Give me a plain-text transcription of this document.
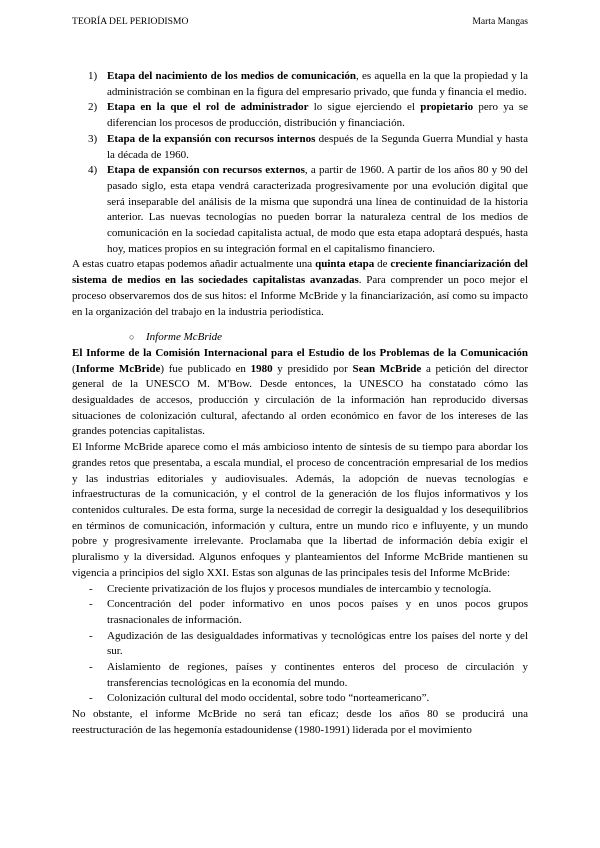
TEORÍA DEL PERIODISMO	Marta Mangas
1) Etapa del nacimiento de los medios de comunicación, es aquella en la que la propiedad y la administración se combinan en la figura del empresario privado, que funda y financia el medio.
2) Etapa en la que el rol de administrador lo sigue ejerciendo el propietario pero ya se diferencian los procesos de producción, distribución y financiación.
3) Etapa de la expansión con recursos internos después de la Segunda Guerra Mundial y hasta la década de 1960.
4) Etapa de expansión con recursos externos, a partir de 1960. A partir de los años 80 y 90 del pasado siglo, esta etapa vendrá caracterizada progresivamente por una evolución digital que será inseparable del análisis de la misma que supondrá una línea de continuidad de la historia anterior. Las nuevas tecnologías no pueden borrar la naturaleza central de los medios de comunicación en la sociedad capitalista actual, de modo que esta etapa adoptará después, hasta hoy, matices propios en su integración formal en el capitalismo financiero.

A estas cuatro etapas podemos añadir actualmente una quinta etapa de creciente financiarización del sistema de medios en las sociedades capitalistas avanzadas. Para comprender un poco mejor el proceso observaremos dos de sus hitos: el Informe McBride y la financiarización, así como su impacto en la organización del trabajo en la industria periodística.

○ Informe McBride

El Informe de la Comisión Internacional para el Estudio de los Problemas de la Comunicación (Informe McBride) fue publicado en 1980 y presidido por Sean McBride a petición del director general de la UNESCO M. M'Bow. Desde entonces, la UNESCO ha constatado cómo las desigualdades de accesos, producción y circulación de la información han reproducido diversas situaciones de colonización cultural, afectando al orden económico en favor de los intereses de las grandes potencias capitalistas.

El Informe McBride aparece como el más ambicioso intento de síntesis de su tiempo para abordar los grandes retos que presentaba, a escala mundial, el proceso de concentración empresarial de los medios y las industrias editoriales y audiovisuales. Además, la adopción de nuevas tecnologías e infraestructuras de la comunicación, y el control de la generación de los flujos informativos y los contenidos culturales. De esta forma, surge la necesidad de corregir la desigualdad y los desequilibrios en términos de comunicación, información y cultura, entre un mundo rico e influyente, y un mundo pobre y progresivamente irrelevante. Proclamaba que la libertad de información debía exigir el pluralismo y la diversidad. Algunos enfoques y planteamientos del Informe McBride mantienen su vigencia a principios del siglo XXI. Estas son algunas de las principales tesis del Informe McBride:

- Creciente privatización de los flujos y procesos mundiales de intercambio y tecnología.
- Concentración del poder informativo en unos pocos países y en unos pocos grupos trasnacionales de información.
- Agudización de las desigualdades informativas y tecnológicas entre los países del norte y del sur.
- Aislamiento de regiones, países y continentes enteros del proceso de circulación y transferencias tecnológicas en la economía del mundo.
- Colonización cultural del modo occidental, sobre todo “norteamericano”.

No obstante, el informe McBride no será tan eficaz; desde los años 80 se producirá una reestructuración de las hegemonía estadounidense (1980-1991) liderada por el movimiento
